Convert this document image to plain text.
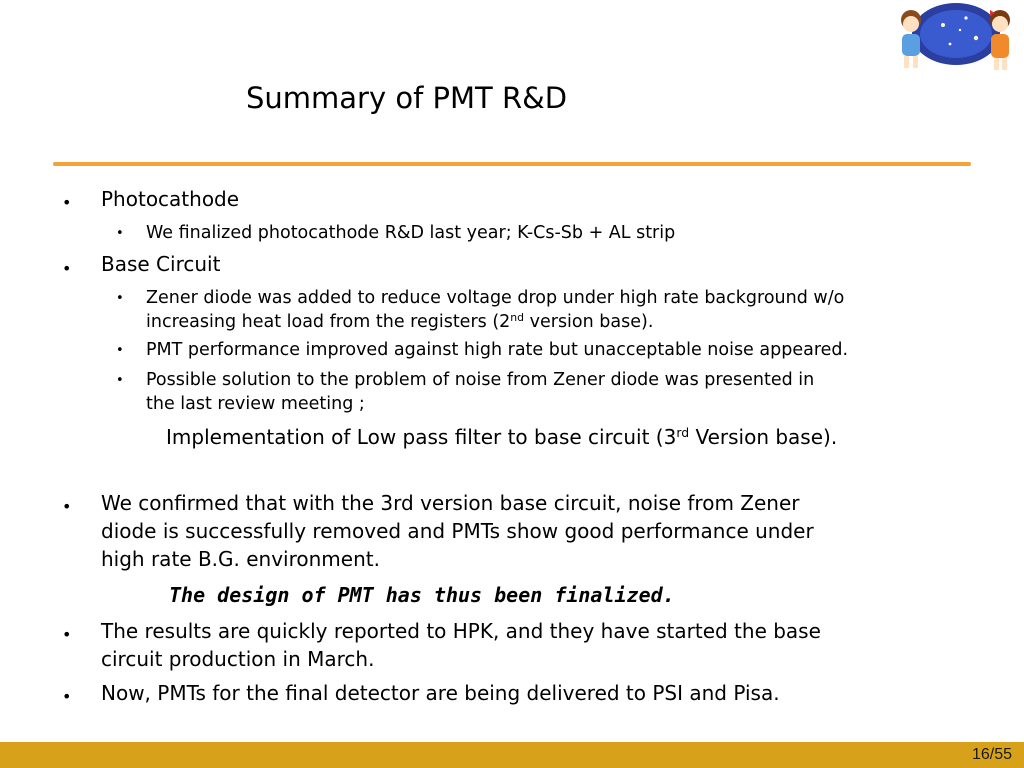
Summary of PMT R&D
• Photocathode
• We finalized photocathode R&D last year; K-Cs-Sb + AL strip
• Base Circuit
• Zener diode was added to reduce voltage drop under high rate background w/o
increasing heat load from the registers (2nd version base).
• PMT performance improved against high rate but unacceptable noise appeared.
• Possible solution to the problem of noise from Zener diode was presented in
the last review meeting ;
Implementation of Low pass filter to base circuit (3rd Version base).
• We confirmed that with the 3rd version base circuit, noise from Zener
diode is successfully removed and PMTs show good performance under
high rate B.G. environment.
The design of PMT has thus been finalized.
• The results are quickly reported to HPK, and they have started the base
circuit production in March.
• Now, PMTs for the final detector are being delivered to PSI and Pisa.
16/55
